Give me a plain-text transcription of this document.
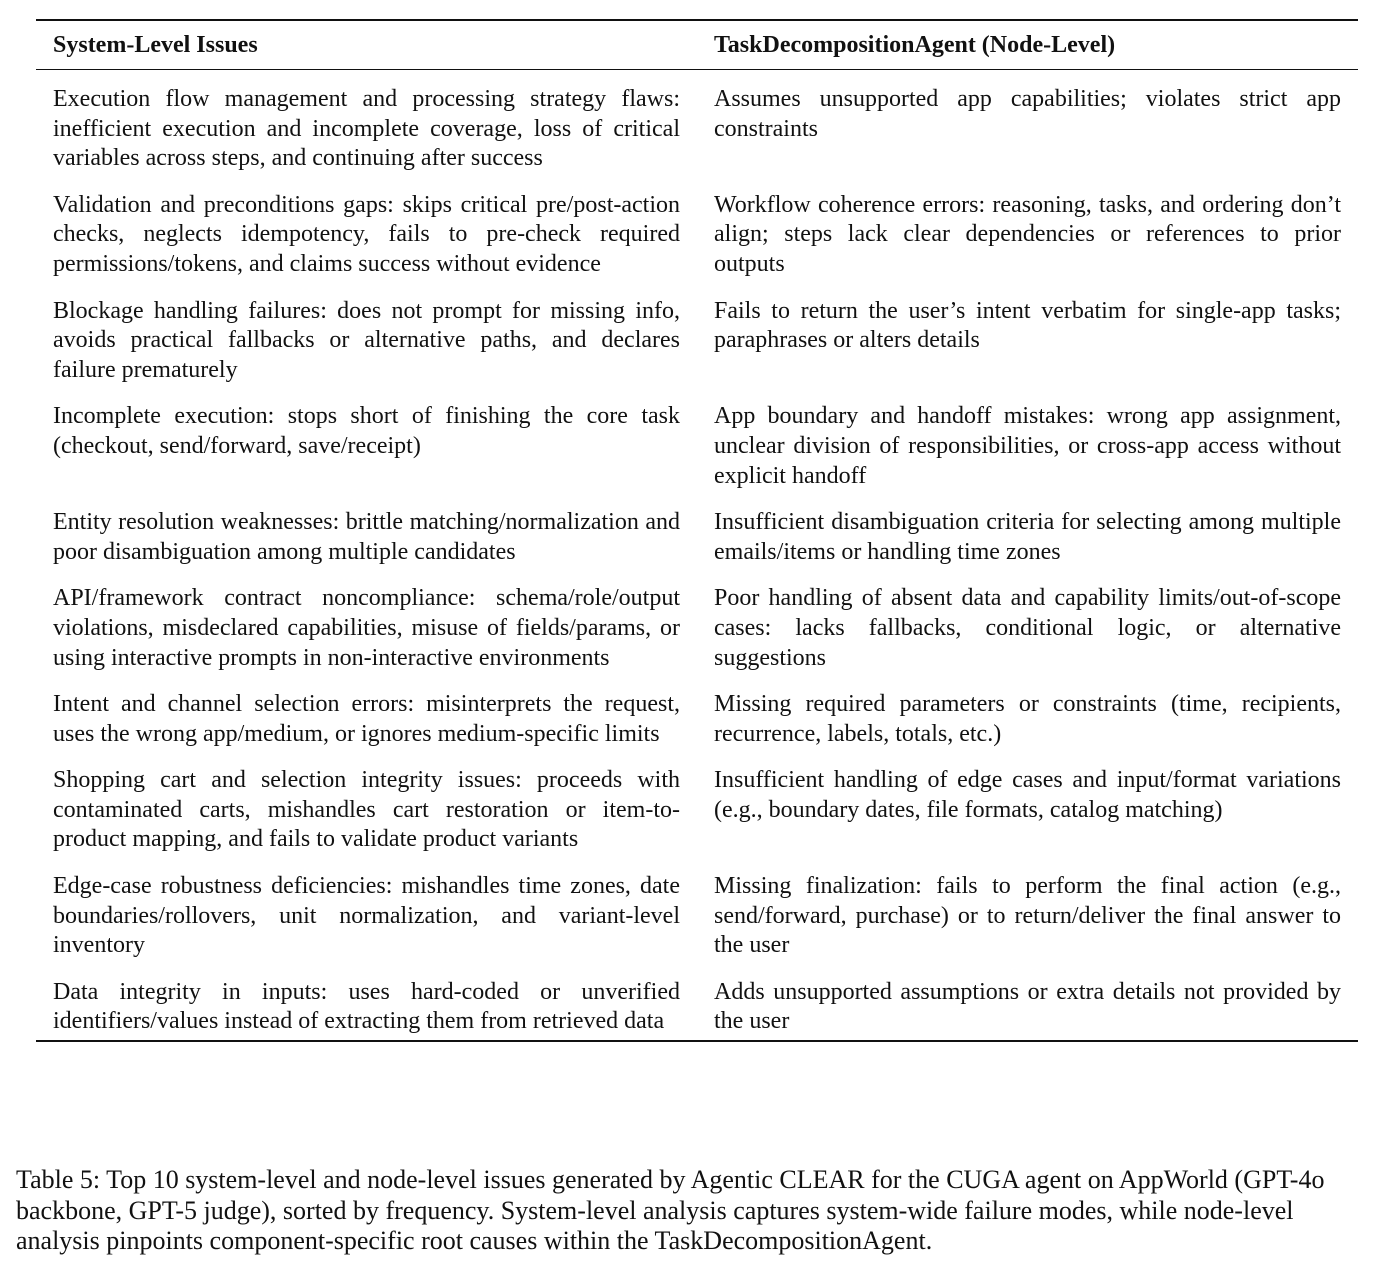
System-Level Issues	TaskDecompositionAgent (Node-Level)
Execution flow management and processing strategy flaws: inefficient execution and incomplete coverage, loss of critical variables across steps, and continuing after success	Assumes unsupported app capabilities; violates strict app constraints
Validation and preconditions gaps: skips critical pre/post-action checks, neglects idempotency, fails to pre-check required permissions/tokens, and claims success without evidence	Workflow coherence errors: reasoning, tasks, and ordering don’t align; steps lack clear dependencies or references to prior outputs
Blockage handling failures: does not prompt for missing info, avoids practical fallbacks or alternative paths, and declares failure prematurely	Fails to return the user’s intent verbatim for single-app tasks; paraphrases or alters details
Incomplete execution: stops short of finishing the core task (checkout, send/forward, save/receipt)	App boundary and handoff mistakes: wrong app assignment, unclear division of responsibilities, or cross-app access without explicit handoff
Entity resolution weaknesses: brittle matching/normalization and poor disambiguation among multiple candidates	Insufficient disambiguation criteria for selecting among multiple emails/items or handling time zones
API/framework contract noncompliance: schema/role/output violations, misdeclared capabilities, misuse of fields/params, or using interactive prompts in non-interactive environments	Poor handling of absent data and capability limits/out-of-scope cases: lacks fallbacks, conditional logic, or alternative suggestions
Intent and channel selection errors: misinterprets the request, uses the wrong app/medium, or ignores medium-specific limits	Missing required parameters or constraints (time, recipients, recurrence, labels, totals, etc.)
Shopping cart and selection integrity issues: proceeds with contaminated carts, mishandles cart restoration or item-to-product mapping, and fails to validate product variants	Insufficient handling of edge cases and input/format variations (e.g., boundary dates, file formats, catalog matching)
Edge-case robustness deficiencies: mishandles time zones, date boundaries/rollovers, unit normalization, and variant-level inventory	Missing finalization: fails to perform the final action (e.g., send/forward, purchase) or to return/deliver the final answer to the user
Data integrity in inputs: uses hard-coded or unverified identifiers/values instead of extracting them from retrieved data	Adds unsupported assumptions or extra details not provided by the user
Table 5: Top 10 system-level and node-level issues generated by Agentic CLEAR for the CUGA agent on AppWorld (GPT-4o backbone, GPT-5 judge), sorted by frequency. System-level analysis captures system-wide failure modes, while node-level analysis pinpoints component-specific root causes within the TaskDecompositionAgent.
